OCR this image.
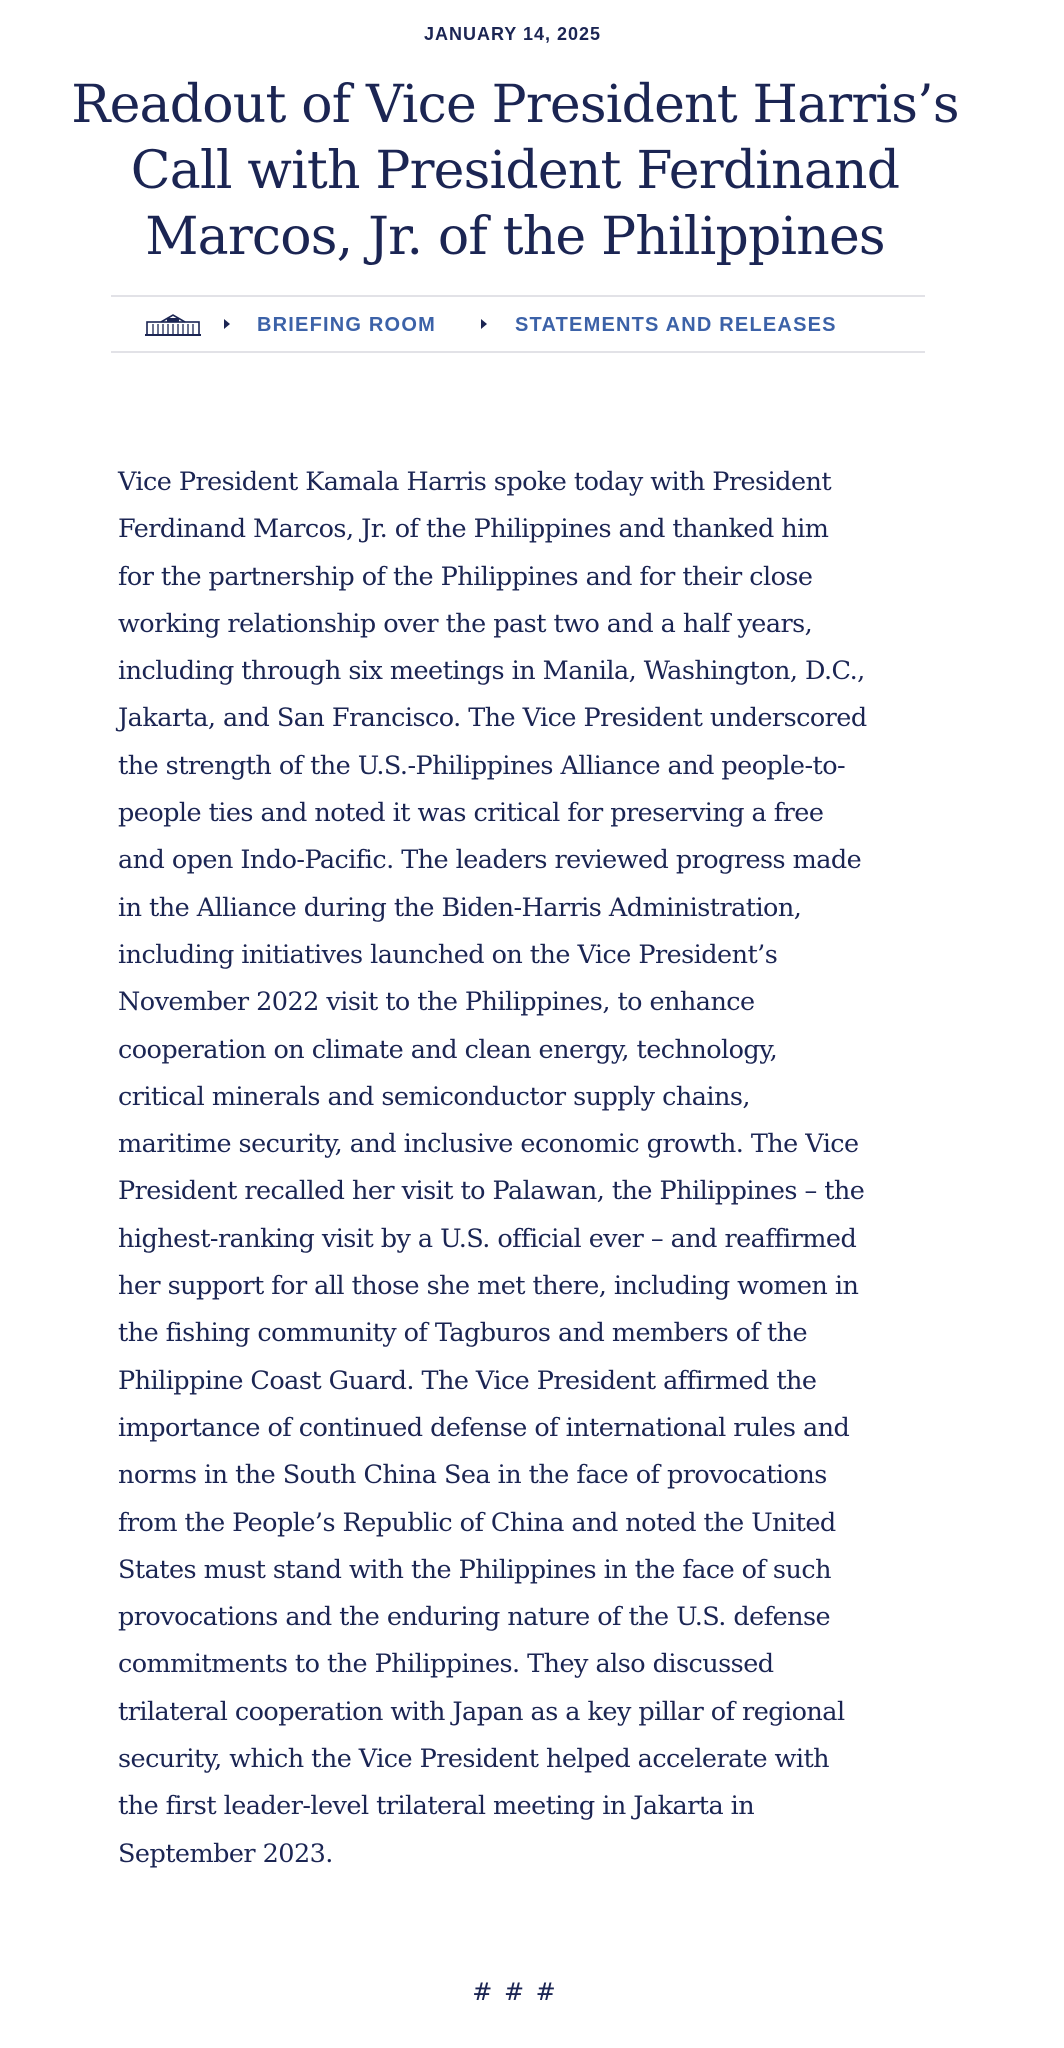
JANUARY 14, 2025
Readout of Vice President Harris’s Call with President Ferdinand Marcos, Jr. of the Philippines
BRIEFING ROOM	STATEMENTS AND RELEASES

Vice President Kamala Harris spoke today with President
Ferdinand Marcos, Jr. of the Philippines and thanked him
for the partnership of the Philippines and for their close
working relationship over the past two and a half years,
including through six meetings in Manila, Washington, D.C.,
Jakarta, and San Francisco. The Vice President underscored
the strength of the U.S.-Philippines Alliance and people-to-
people ties and noted it was critical for preserving a free
and open Indo-Pacific. The leaders reviewed progress made
in the Alliance during the Biden-Harris Administration,
including initiatives launched on the Vice President’s
November 2022 visit to the Philippines, to enhance
cooperation on climate and clean energy, technology,
critical minerals and semiconductor supply chains,
maritime security, and inclusive economic growth. The Vice
President recalled her visit to Palawan, the Philippines – the
highest-ranking visit by a U.S. official ever – and reaffirmed
her support for all those she met there, including women in
the fishing community of Tagburos and members of the
Philippine Coast Guard. The Vice President affirmed the
importance of continued defense of international rules and
norms in the South China Sea in the face of provocations
from the People’s Republic of China and noted the United
States must stand with the Philippines in the face of such
provocations and the enduring nature of the U.S. defense
commitments to the Philippines. They also discussed
trilateral cooperation with Japan as a key pillar of regional
security, which the Vice President helped accelerate with
the first leader-level trilateral meeting in Jakarta in
September 2023.

# # #
